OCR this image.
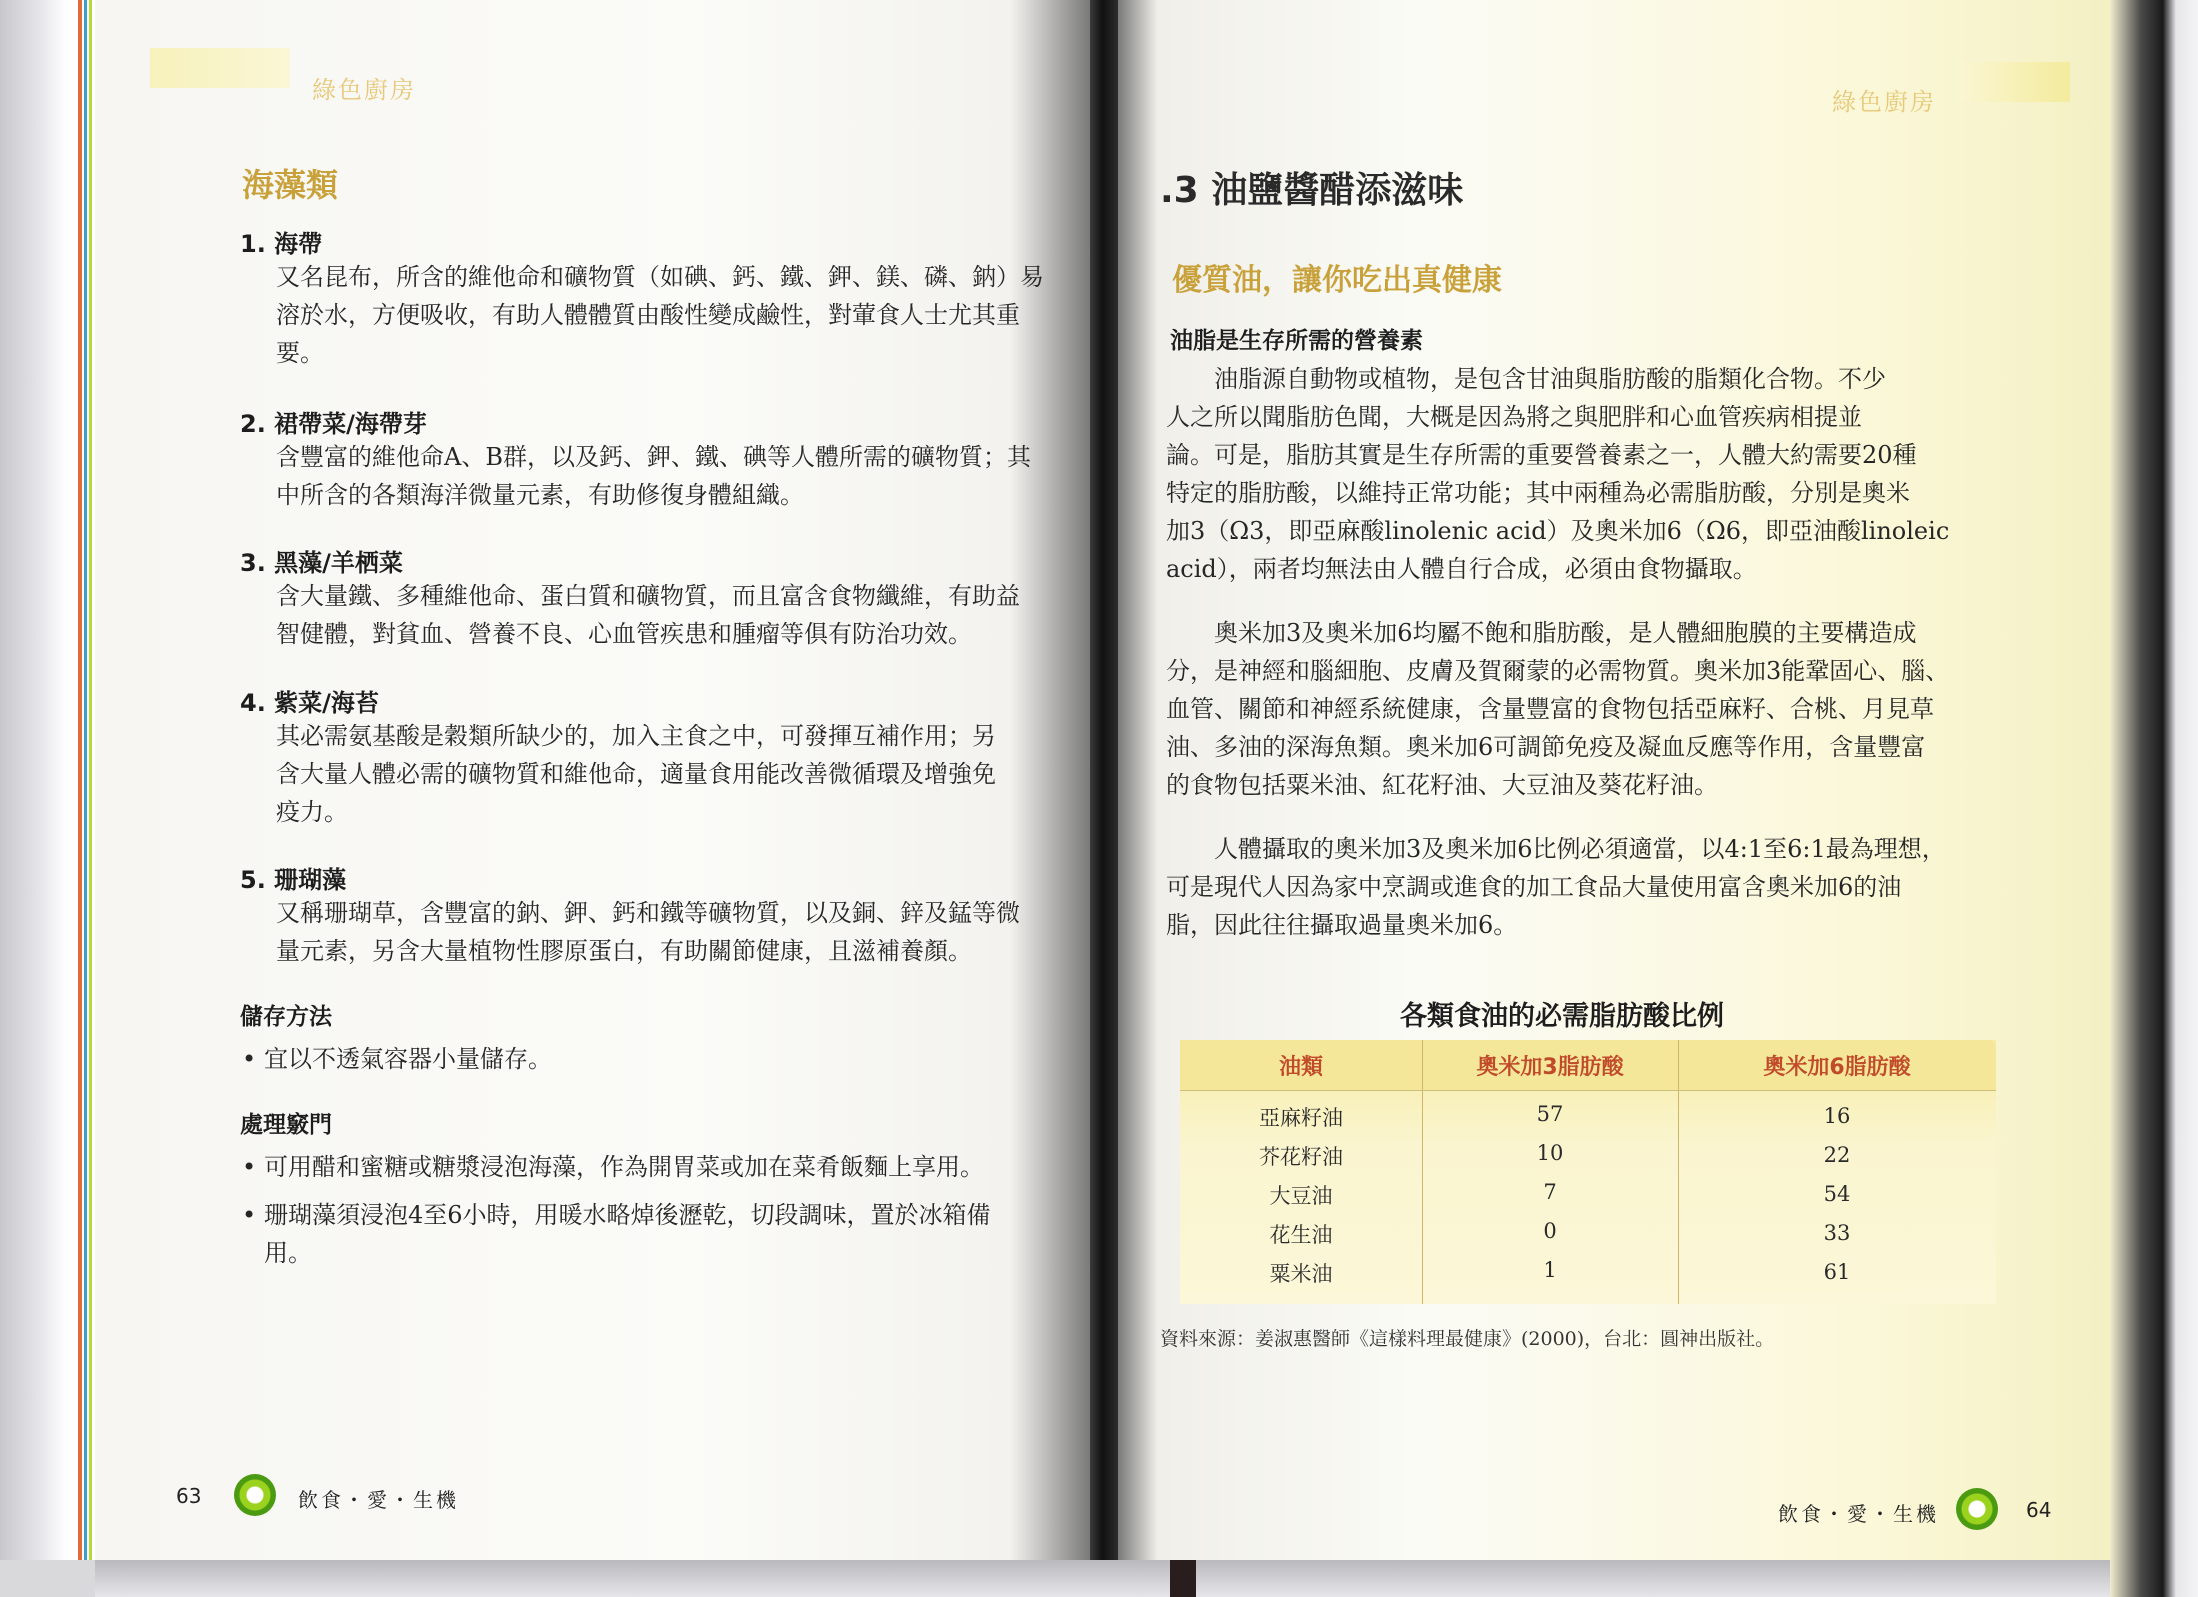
綠色廚房	綠色廚房
海藻類
1. 海帶
又名昆布，所含的維他命和礦物質（如碘、鈣、鐵、鉀、鎂、磷、鈉）易
溶於水，方便吸收，有助人體體質由酸性變成鹼性，對葷食人士尤其重
要。
2. 裙帶菜/海帶芽
含豐富的維他命A、B群，以及鈣、鉀、鐵、碘等人體所需的礦物質；其
中所含的各類海洋微量元素，有助修復身體組織。
3. 黑藻/羊栖菜
含大量鐵、多種維他命、蛋白質和礦物質，而且富含食物纖維，有助益
智健體，對貧血、營養不良、心血管疾患和腫瘤等俱有防治功效。
4. 紫菜/海苔
其必需氨基酸是穀類所缺少的，加入主食之中，可發揮互補作用；另
含大量人體必需的礦物質和維他命，適量食用能改善微循環及增強免
疫力。
5. 珊瑚藻
又稱珊瑚草，含豐富的鈉、鉀、鈣和鐵等礦物質，以及銅、鋅及錳等微
量元素，另含大量植物性膠原蛋白，有助關節健康，且滋補養顏。
儲存方法
• 宜以不透氣容器小量儲存。
處理竅門
• 可用醋和蜜糖或糖漿浸泡海藻，作為開胃菜或加在菜肴飯麵上享用。
• 珊瑚藻須浸泡4至6小時，用暖水略焯後瀝乾，切段調味，置於冰箱備
用。
63	飲食・愛・生機
.3 油鹽醬醋添滋味
優質油，讓你吃出真健康
油脂是生存所需的營養素
　　油脂源自動物或植物，是包含甘油與脂肪酸的脂類化合物。不少
人之所以聞脂肪色聞，大概是因為將之與肥胖和心血管疾病相提並
論。可是，脂肪其實是生存所需的重要營養素之一，人體大約需要20種
特定的脂肪酸，以維持正常功能；其中兩種為必需脂肪酸，分別是奧米
加3（Ω3，即亞麻酸linolenic acid）及奧米加6（Ω6，即亞油酸linoleic
acid），兩者均無法由人體自行合成，必須由食物攝取。
　　奧米加3及奧米加6均屬不飽和脂肪酸，是人體細胞膜的主要構造成
分，是神經和腦細胞、皮膚及賀爾蒙的必需物質。奧米加3能鞏固心、腦、
血管、關節和神經系統健康，含量豐富的食物包括亞麻籽、合桃、月見草
油、多油的深海魚類。奧米加6可調節免疫及凝血反應等作用，含量豐富
的食物包括粟米油、紅花籽油、大豆油及葵花籽油。
　　人體攝取的奧米加3及奧米加6比例必須適當，以4:1至6:1最為理想，
可是現代人因為家中烹調或進食的加工食品大量使用富含奧米加6的油
脂，因此往往攝取過量奧米加6。
各類食油的必需脂肪酸比例
油類	奧米加3脂肪酸	奧米加6脂肪酸
亞麻籽油	57	16
芥花籽油	10	22
大豆油	7	54
花生油	0	33
粟米油	1	61
資料來源：姜淑惠醫師《這樣料理最健康》(2000)，台北：圓神出版社。
飲食・愛・生機	64
